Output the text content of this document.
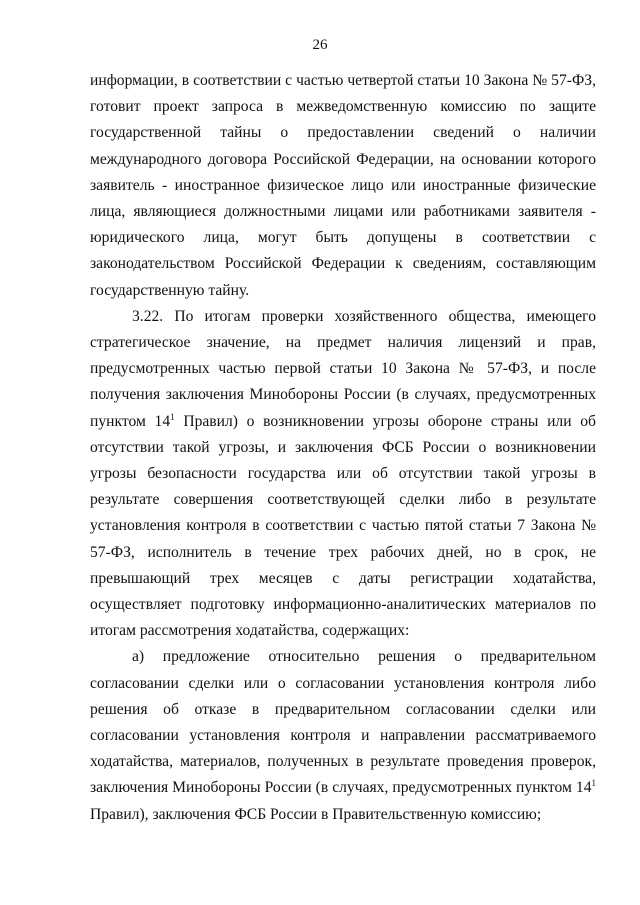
26

информации, в соответствии с частью четвертой статьи 10 Закона № 57-ФЗ, готовит проект запроса в межведомственную комиссию по защите государственной тайны о предоставлении сведений о наличии международного договора Российской Федерации, на основании которого заявитель - иностранное физическое лицо или иностранные физические лица, являющиеся должностными лицами или работниками заявителя - юридического лица, могут быть допущены в соответствии с законодательством Российской Федерации к сведениям, составляющим государственную тайну.

3.22. По итогам проверки хозяйственного общества, имеющего стратегическое значение, на предмет наличия лицензий и прав, предусмотренных частью первой статьи 10 Закона № 57-ФЗ, и после получения заключения Минобороны России (в случаях, предусмотренных пунктом $14^1$ Правил) о возникновении угрозы обороне страны или об отсутствии такой угрозы, и заключения ФСБ России о возникновении угрозы безопасности государства или об отсутствии такой угрозы в результате совершения соответствующей сделки либо в результате установления контроля в соответствии с частью пятой статьи 7 Закона № 57-ФЗ, исполнитель в течение трех рабочих дней, но в срок, не превышающий трех месяцев с даты регистрации ходатайства, осуществляет подготовку информационно-аналитических материалов по итогам рассмотрения ходатайства, содержащих:

а) предложение относительно решения о предварительном согласовании сделки или о согласовании установления контроля либо решения об отказе в предварительном согласовании сделки или согласовании установления контроля и направлении рассматриваемого ходатайства, материалов, полученных в результате проведения проверок, заключения Минобороны России (в случаях, предусмотренных пунктом $14^1$ Правил), заключения ФСБ России в Правительственную комиссию;
